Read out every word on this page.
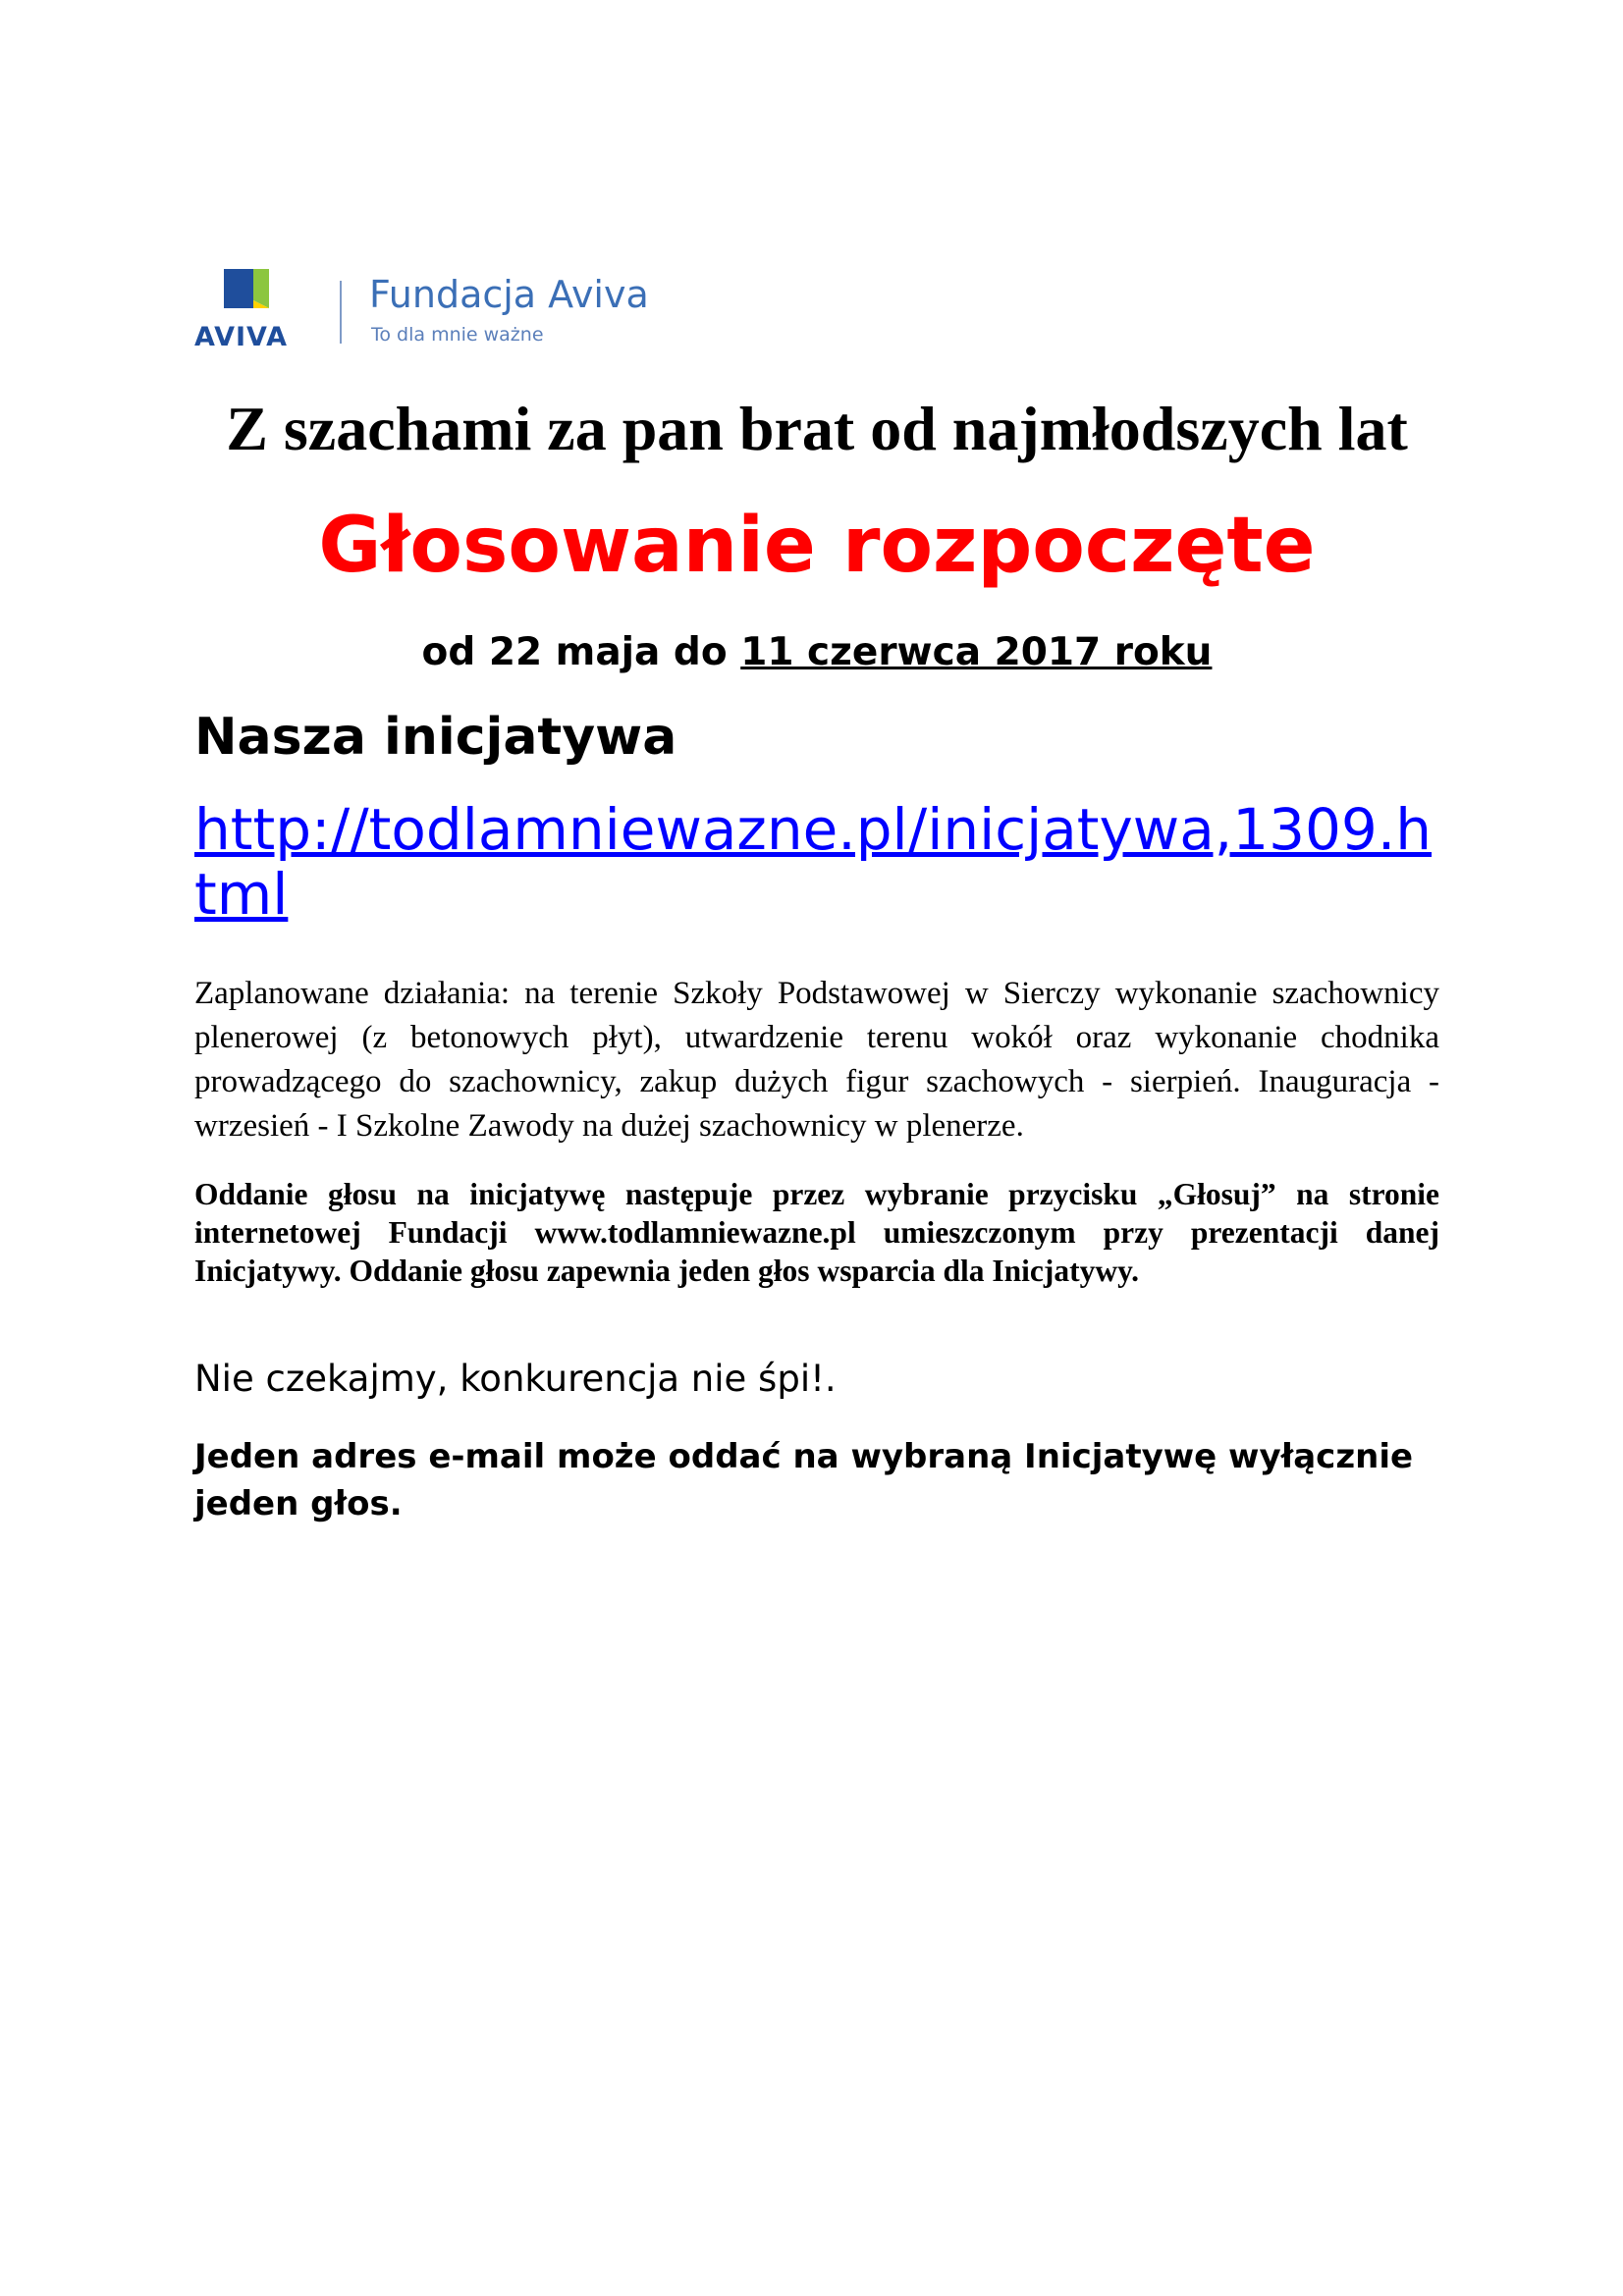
AVIVA
Fundacja Aviva
To dla mnie ważne
Z szachami za pan brat od najmłodszych lat
Głosowanie rozpoczęte

od 22 maja do 11 czerwca 2017 roku

Nasza inicjatywa
http://todlamniewazne.pl/inicjatywa,1309.html

Zaplanowane działania: na terenie Szkoły Podstawowej w Sierczy wykonanie szachownicy plenerowej (z betonowych płyt), utwardzenie terenu wokół oraz wykonanie chodnika prowadzącego do szachownicy, zakup dużych figur szachowych - sierpień. Inauguracja - wrzesień - I Szkolne Zawody na dużej szachownicy w plenerze.

Oddanie głosu na inicjatywę następuje przez wybranie przycisku „Głosuj” na stronie internetowej Fundacji www.todlamniewazne.pl umieszczonym przy prezentacji danej Inicjatywy. Oddanie głosu zapewnia jeden głos wsparcia dla Inicjatywy.

Nie czekajmy, konkurencja nie śpi!.

Jeden adres e-mail może oddać na wybraną Inicjatywę wyłącznie jeden głos.
